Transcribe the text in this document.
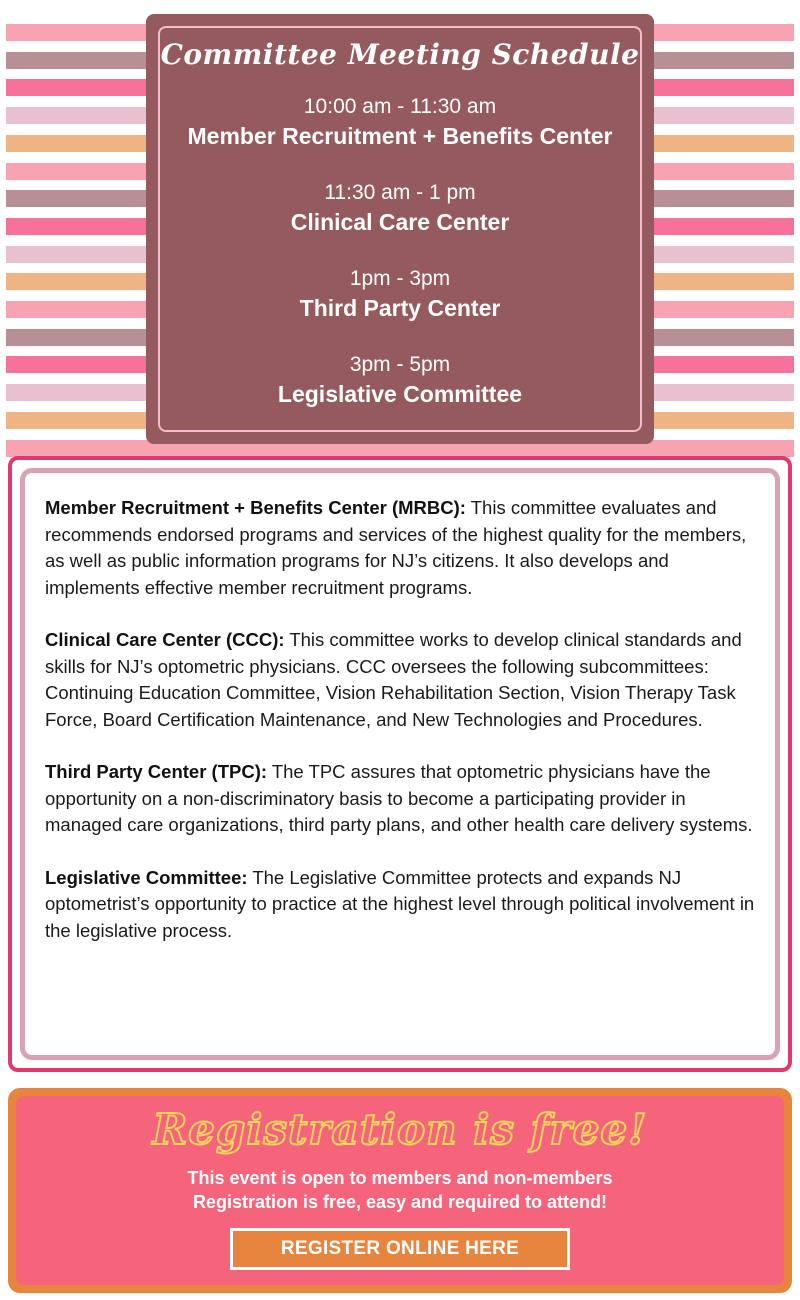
Committee Meeting Schedule
10:00 am - 11:30 am
Member Recruitment + Benefits Center
11:30 am - 1 pm
Clinical Care Center
1pm - 3pm
Third Party Center
3pm - 5pm
Legislative Committee

Member Recruitment + Benefits Center (MRBC): This committee evaluates and recommends endorsed programs and services of the highest quality for the members, as well as public information programs for NJ’s citizens. It also develops and implements effective member recruitment programs.

Clinical Care Center (CCC): This committee works to develop clinical standards and skills for NJ’s optometric physicians. CCC oversees the following subcommittees: Continuing Education Committee, Vision Rehabilitation Section, Vision Therapy Task Force, Board Certification Maintenance, and New Technologies and Procedures.

Third Party Center (TPC): The TPC assures that optometric physicians have the opportunity on a non-discriminatory basis to become a participating provider in managed care organizations, third party plans, and other health care delivery systems.

Legislative Committee: The Legislative Committee protects and expands NJ optometrist’s opportunity to practice at the highest level through political involvement in the legislative process.

Registration is free!

This event is open to members and non-members

Registration is free, easy and required to attend!

REGISTER ONLINE HERE
